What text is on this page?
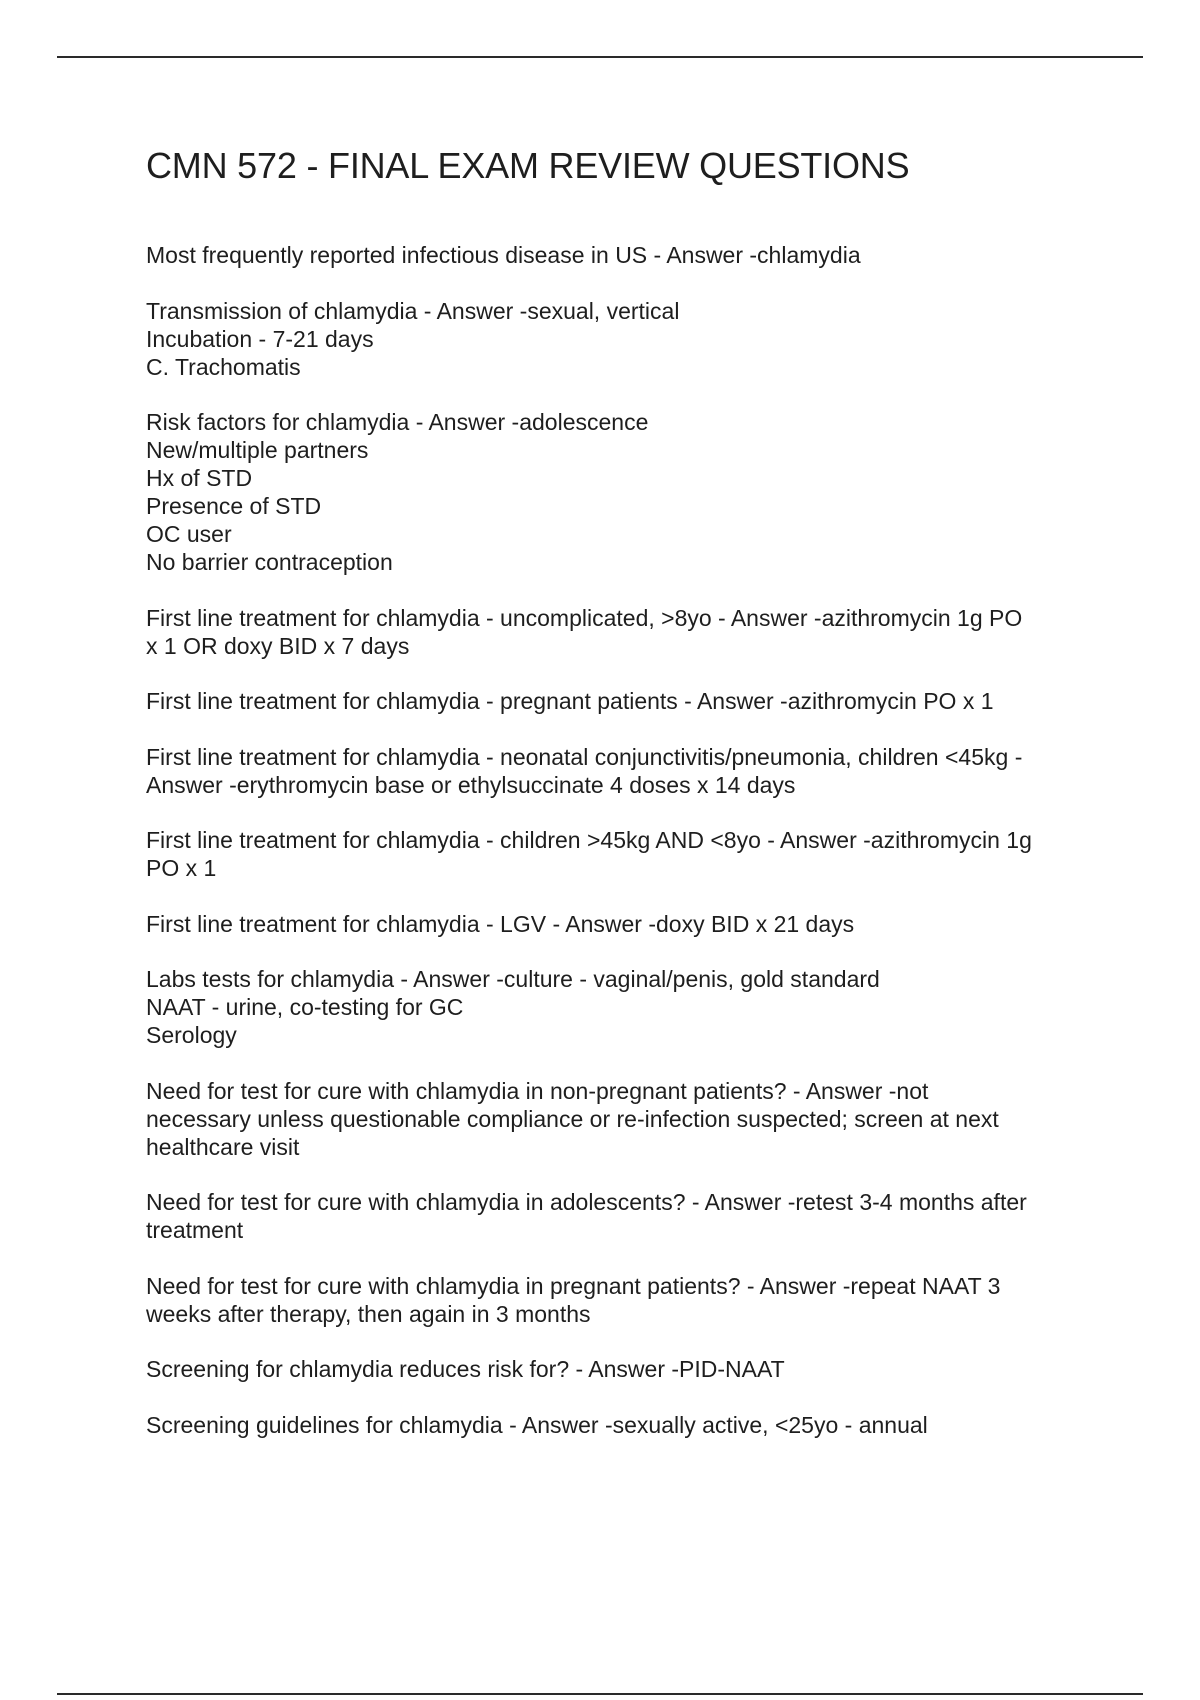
CMN 572 - FINAL EXAM REVIEW QUESTIONS
Most frequently reported infectious disease in US - Answer -chlamydia
Transmission of chlamydia - Answer -sexual, vertical
Incubation - 7-21 days
C. Trachomatis
Risk factors for chlamydia - Answer -adolescence
New/multiple partners
Hx of STD
Presence of STD
OC user
No barrier contraception
First line treatment for chlamydia - uncomplicated, >8yo - Answer -azithromycin 1g PO
x 1 OR doxy BID x 7 days
First line treatment for chlamydia - pregnant patients - Answer -azithromycin PO x 1
First line treatment for chlamydia - neonatal conjunctivitis/pneumonia, children <45kg -
Answer -erythromycin base or ethylsuccinate 4 doses x 14 days
First line treatment for chlamydia - children >45kg AND <8yo - Answer -azithromycin 1g
PO x 1
First line treatment for chlamydia - LGV - Answer -doxy BID x 21 days
Labs tests for chlamydia - Answer -culture - vaginal/penis, gold standard
NAAT - urine, co-testing for GC
Serology
Need for test for cure with chlamydia in non-pregnant patients? - Answer -not
necessary unless questionable compliance or re-infection suspected; screen at next
healthcare visit
Need for test for cure with chlamydia in adolescents? - Answer -retest 3-4 months after
treatment
Need for test for cure with chlamydia in pregnant patients? - Answer -repeat NAAT 3
weeks after therapy, then again in 3 months
Screening for chlamydia reduces risk for? - Answer -PID-NAAT
Screening guidelines for chlamydia - Answer -sexually active, <25yo - annual
